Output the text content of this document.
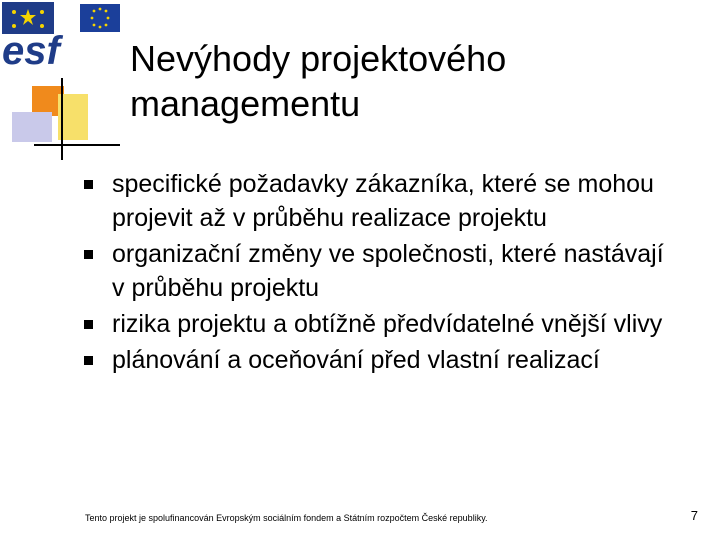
esf Nevýhody projektového
managementu
specifické požadavky zákazníka, které se mohou projevit až v průběhu realizace projektu
organizační změny ve společnosti, které nastávají v průběhu projektu
rizika projektu a obtížně předvídatelné vnější vlivy
plánování a oceňování před vlastní realizací
Tento projekt je spolufinancován Evropským sociálním fondem a Státním rozpočtem České republiky.	7
